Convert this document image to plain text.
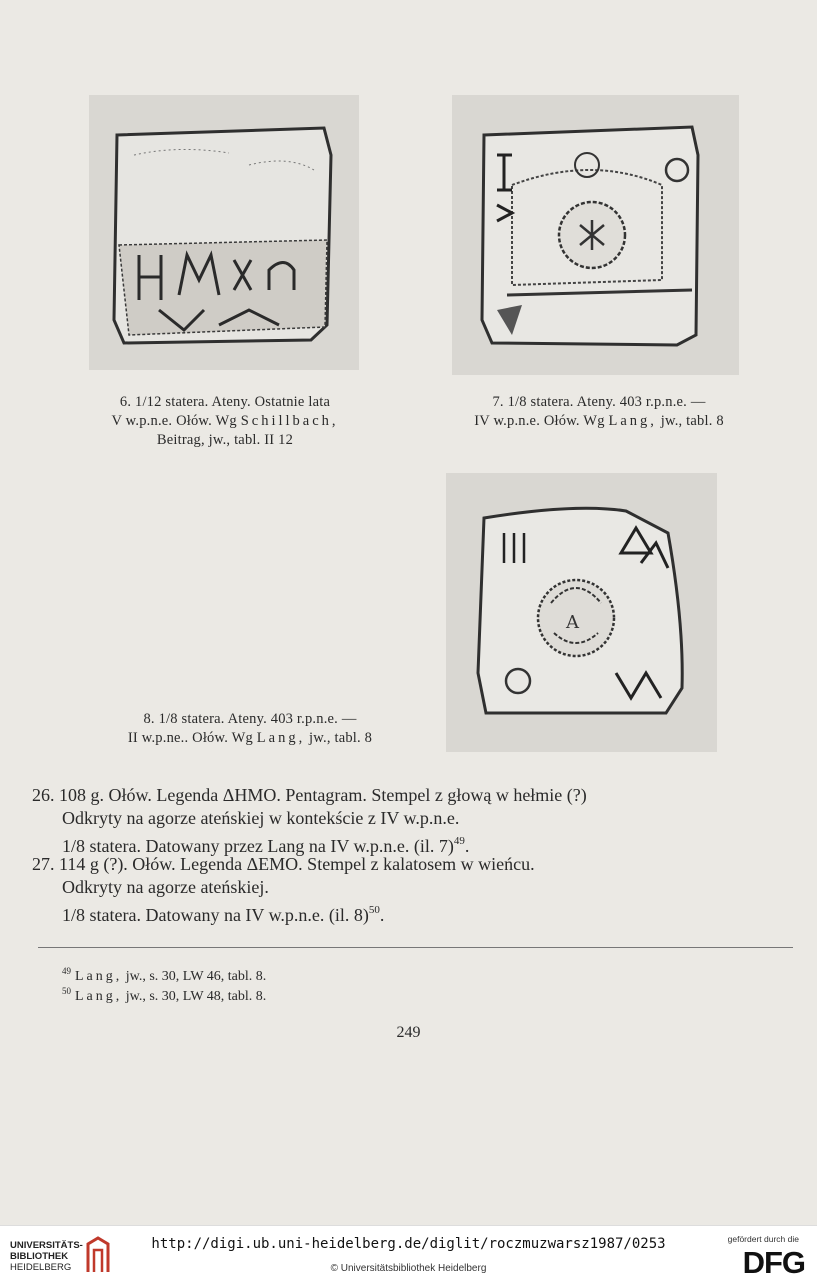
6. 1/12 statera. Ateny. Ostatnie lata
V w.p.n.e. Ołów. Wg Schillbach,
Beitrag, jw., tabl. II 12
7. 1/8 statera. Ateny. 403 r.p.n.e. —
IV w.p.n.e. Ołów. Wg Lang, jw., tabl. 8
A
8. 1/8 statera. Ateny. 403 r.p.n.e. —
II w.p.ne.. Ołów. Wg Lang, jw., tabl. 8
26. 108 g. Ołów. Legenda ΔHMO. Pentagram. Stempel z głową w hełmie (?)
Odkryty na agorze ateńskiej w kontekście z IV w.p.n.e.
1/8 statera. Datowany przez Lang na IV w.p.n.e. (il. 7)$^{49}$.
27. 114 g (?). Ołów. Legenda ΔEMO. Stempel z kalatosem w wieńcu.
Odkryty na agorze ateńskiej.
1/8 statera. Datowany na IV w.p.n.e. (il. 8)$^{50}$.
$^{49}$ Lang, jw., s. 30, LW 46, tabl. 8.
$^{50}$ Lang, jw., s. 30, LW 48, tabl. 8.
249
UNIVERSITÄTS-
BIBLIOTHEK
HEIDELBERG
http://digi.ub.uni-heidelberg.de/diglit/roczmuzwarsz1987/0253
© Universitätsbibliothek Heidelberg
gefördert durch die
DFG
